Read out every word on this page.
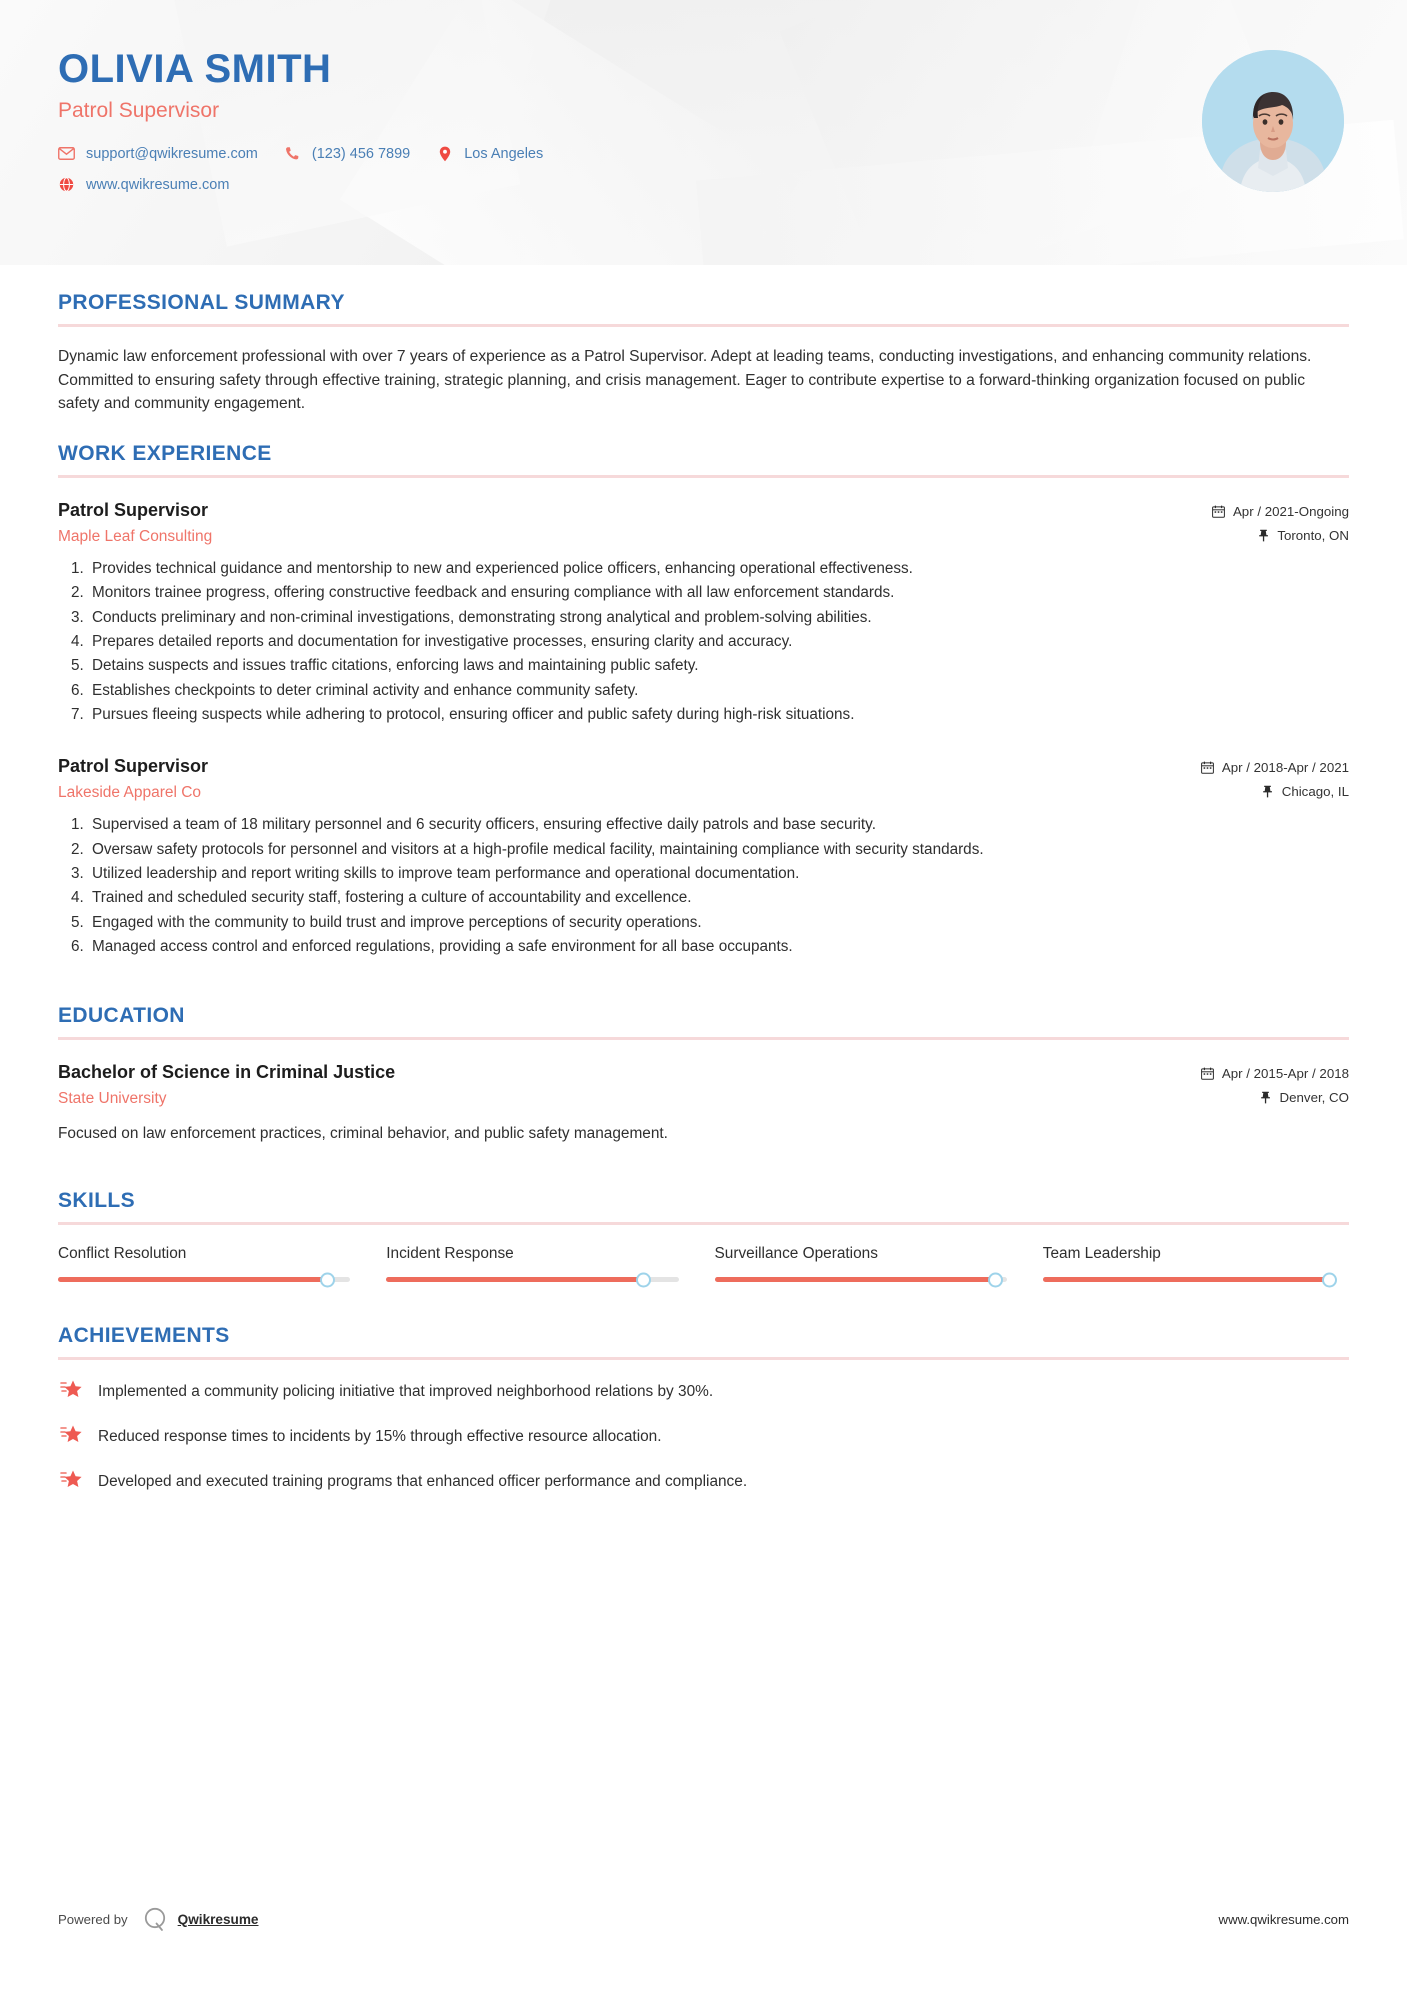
OLIVIA SMITH
Patrol Supervisor
support@qwikresume.com	(123) 456 7899	Los Angeles
www.qwikresume.com
PROFESSIONAL SUMMARY

Dynamic law enforcement professional with over 7 years of experience as a Patrol Supervisor. Adept at leading teams, conducting investigations, and enhancing community relations. Committed to ensuring safety through effective training, strategic planning, and crisis management. Eager to contribute expertise to a forward-thinking organization focused on public safety and community engagement.

WORK EXPERIENCE
Patrol Supervisor
Maple Leaf Consulting
Apr / 2021-Ongoing
Toronto, ON
1. Provides technical guidance and mentorship to new and experienced police officers, enhancing operational effectiveness.
2. Monitors trainee progress, offering constructive feedback and ensuring compliance with all law enforcement standards.
3. Conducts preliminary and non-criminal investigations, demonstrating strong analytical and problem-solving abilities.
4. Prepares detailed reports and documentation for investigative processes, ensuring clarity and accuracy.
5. Detains suspects and issues traffic citations, enforcing laws and maintaining public safety.
6. Establishes checkpoints to deter criminal activity and enhance community safety.
7. Pursues fleeing suspects while adhering to protocol, ensuring officer and public safety during high-risk situations.
Patrol Supervisor
Lakeside Apparel Co
Apr / 2018-Apr / 2021
Chicago, IL
1. Supervised a team of 18 military personnel and 6 security officers, ensuring effective daily patrols and base security.
2. Oversaw safety protocols for personnel and visitors at a high-profile medical facility, maintaining compliance with security standards.
3. Utilized leadership and report writing skills to improve team performance and operational documentation.
4. Trained and scheduled security staff, fostering a culture of accountability and excellence.
5. Engaged with the community to build trust and improve perceptions of security operations.
6. Managed access control and enforced regulations, providing a safe environment for all base occupants.
EDUCATION
Bachelor of Science in Criminal Justice
State University
Apr / 2015-Apr / 2018
Denver, CO

Focused on law enforcement practices, criminal behavior, and public safety management.

SKILLS
Conflict Resolution	Incident Response	Surveillance Operations	Team Leadership
ACHIEVEMENTS
Implemented a community policing initiative that improved neighborhood relations by 30%.
Reduced response times to incidents by 15% through effective resource allocation.
Developed and executed training programs that enhanced officer performance and compliance.
Powered by	Qwikresume	www.qwikresume.com
